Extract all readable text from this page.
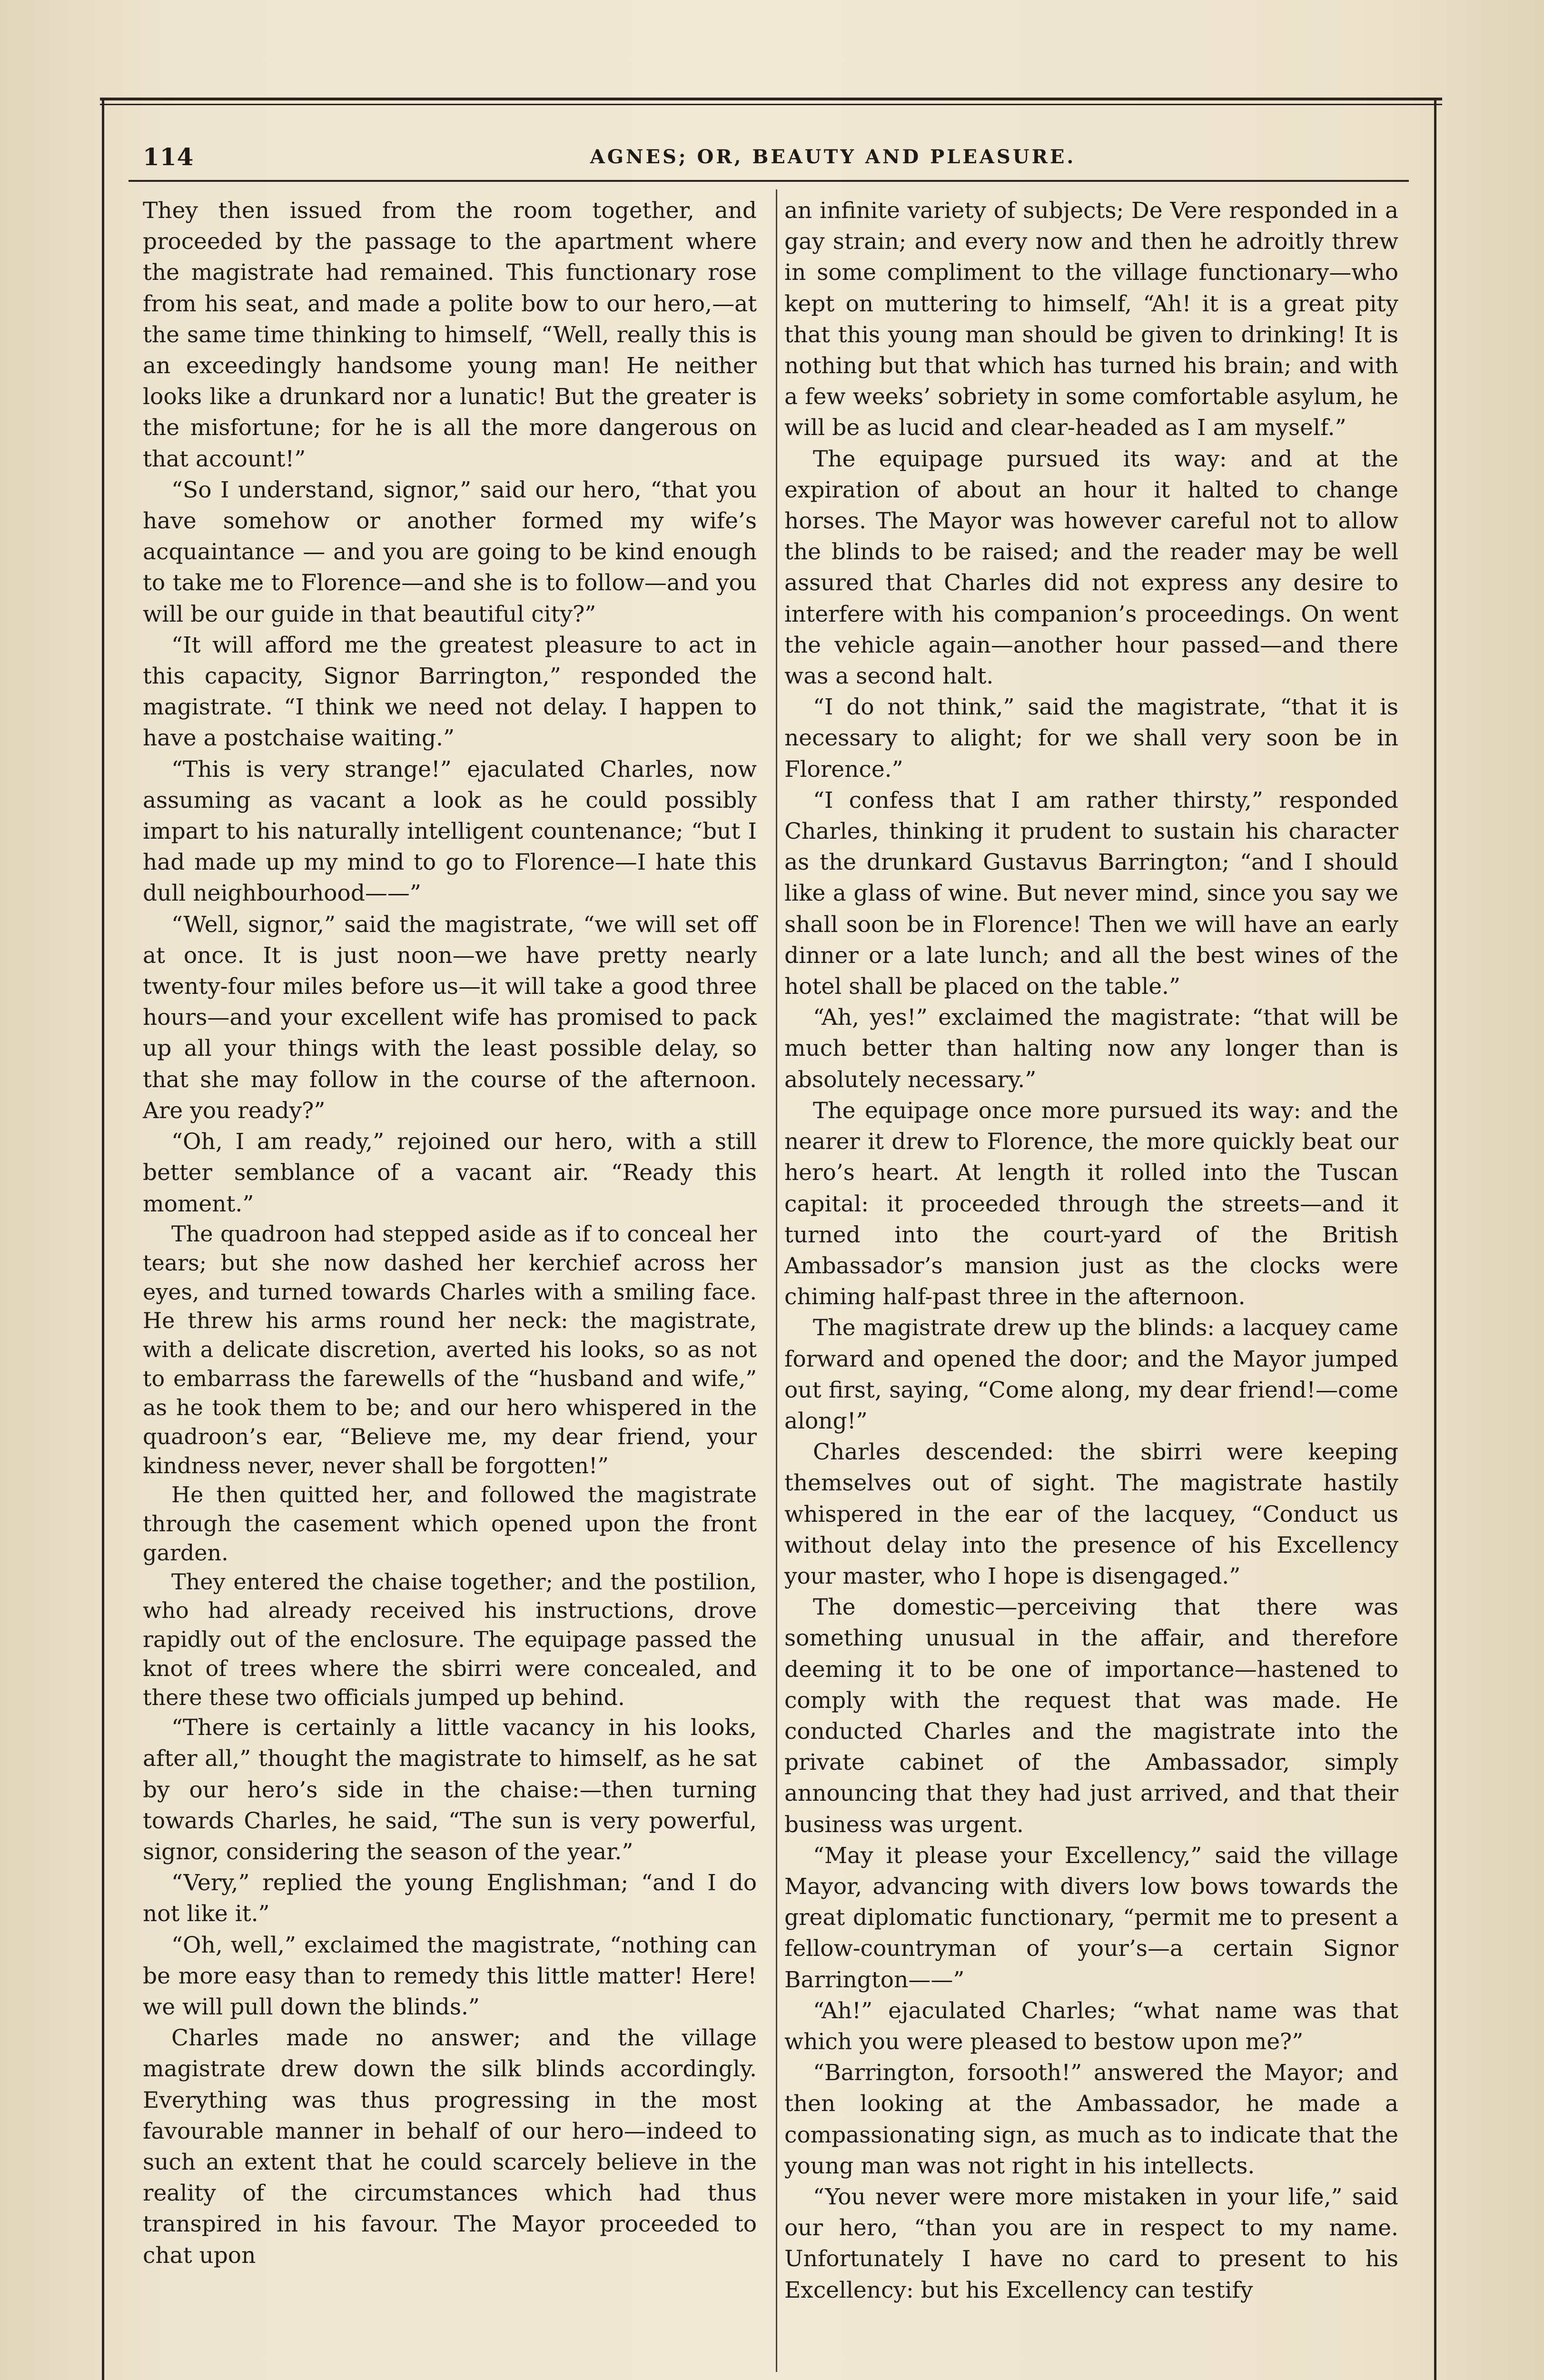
114	AGNES; OR, BEAUTY AND PLEASURE.

They then issued from the room together, and proceeded by the passage to the apartment where the magistrate had remained. This functionary rose from his seat, and made a polite bow to our hero,—at the same time thinking to himself, “Well, really this is an exceedingly handsome young man! He neither looks like a drunkard nor a lunatic! But the greater is the misfortune; for he is all the more dangerous on that account!”

“So I understand, signor,” said our hero, “that you have somehow or another formed my wife’s acquaintance — and you are going to be kind enough to take me to Florence—and she is to follow—and you will be our guide in that beautiful city?”

“It will afford me the greatest pleasure to act in this capacity, Signor Barrington,” responded the magistrate. “I think we need not delay. I happen to have a postchaise waiting.”

“This is very strange!” ejaculated Charles, now assuming as vacant a look as he could possibly impart to his naturally intelligent countenance; “but I had made up my mind to go to Florence—I hate this dull neighbourhood——”

“Well, signor,” said the magistrate, “we will set off at once. It is just noon—we have pretty nearly twenty-four miles before us—it will take a good three hours—and your excellent wife has promised to pack up all your things with the least possible delay, so that she may follow in the course of the afternoon. Are you ready?”

“Oh, I am ready,” rejoined our hero, with a still better semblance of a vacant air. “Ready this moment.”

The quadroon had stepped aside as if to conceal her tears; but she now dashed her kerchief across her eyes, and turned towards Charles with a smiling face. He threw his arms round her neck: the magistrate, with a delicate discretion, averted his looks, so as not to embarrass the farewells of the “husband and wife,” as he took them to be; and our hero whispered in the quadroon’s ear, “Believe me, my dear friend, your kindness never, never shall be forgotten!”

He then quitted her, and followed the magistrate through the casement which opened upon the front garden.

They entered the chaise together; and the postilion, who had already received his instructions, drove rapidly out of the enclosure. The equipage passed the knot of trees where the sbirri were concealed, and there these two officials jumped up behind.

“There is certainly a little vacancy in his looks, after all,” thought the magistrate to himself, as he sat by our hero’s side in the chaise:—then turning towards Charles, he said, “The sun is very powerful, signor, considering the season of the year.”

“Very,” replied the young Englishman; “and I do not like it.”

“Oh, well,” exclaimed the magistrate, “nothing can be more easy than to remedy this little matter! Here! we will pull down the blinds.”

Charles made no answer; and the village magistrate drew down the silk blinds accordingly. Everything was thus progressing in the most favourable manner in behalf of our hero—indeed to such an extent that he could scarcely believe in the reality of the circumstances which had thus transpired in his favour. The Mayor proceeded to chat upon

an infinite variety of subjects; De Vere responded in a gay strain; and every now and then he adroitly threw in some compliment to the village functionary—who kept on muttering to himself, “Ah! it is a great pity that this young man should be given to drinking! It is nothing but that which has turned his brain; and with a few weeks’ sobriety in some comfortable asylum, he will be as lucid and clear-headed as I am myself.”

The equipage pursued its way: and at the expiration of about an hour it halted to change horses. The Mayor was however careful not to allow the blinds to be raised; and the reader may be well assured that Charles did not express any desire to interfere with his companion’s proceedings. On went the vehicle again—another hour passed—and there was a second halt.

“I do not think,” said the magistrate, “that it is necessary to alight; for we shall very soon be in Florence.”

“I confess that I am rather thirsty,” responded Charles, thinking it prudent to sustain his character as the drunkard Gustavus Barrington; “and I should like a glass of wine. But never mind, since you say we shall soon be in Florence! Then we will have an early dinner or a late lunch; and all the best wines of the hotel shall be placed on the table.”

“Ah, yes!” exclaimed the magistrate: “that will be much better than halting now any longer than is absolutely necessary.”

The equipage once more pursued its way: and the nearer it drew to Florence, the more quickly beat our hero’s heart. At length it rolled into the Tuscan capital: it proceeded through the streets—and it turned into the court-yard of the British Ambassador’s mansion just as the clocks were chiming half-past three in the afternoon.

The magistrate drew up the blinds: a lacquey came forward and opened the door; and the Mayor jumped out first, saying, “Come along, my dear friend!—come along!”

Charles descended: the sbirri were keeping themselves out of sight. The magistrate hastily whispered in the ear of the lacquey, “Conduct us without delay into the presence of his Excellency your master, who I hope is disengaged.”

The domestic—perceiving that there was something unusual in the affair, and therefore deeming it to be one of importance—hastened to comply with the request that was made. He conducted Charles and the magistrate into the private cabinet of the Ambassador, simply announcing that they had just arrived, and that their business was urgent.

“May it please your Excellency,” said the village Mayor, advancing with divers low bows towards the great diplomatic functionary, “permit me to present a fellow-countryman of your’s—a certain Signor Barrington——”

“Ah!” ejaculated Charles; “what name was that which you were pleased to bestow upon me?”

“Barrington, forsooth!” answered the Mayor; and then looking at the Ambassador, he made a compassionating sign, as much as to indicate that the young man was not right in his intellects.

“You never were more mistaken in your life,” said our hero, “than you are in respect to my name. Unfortunately I have no card to present to his Excellency: but his Excellency can testify
